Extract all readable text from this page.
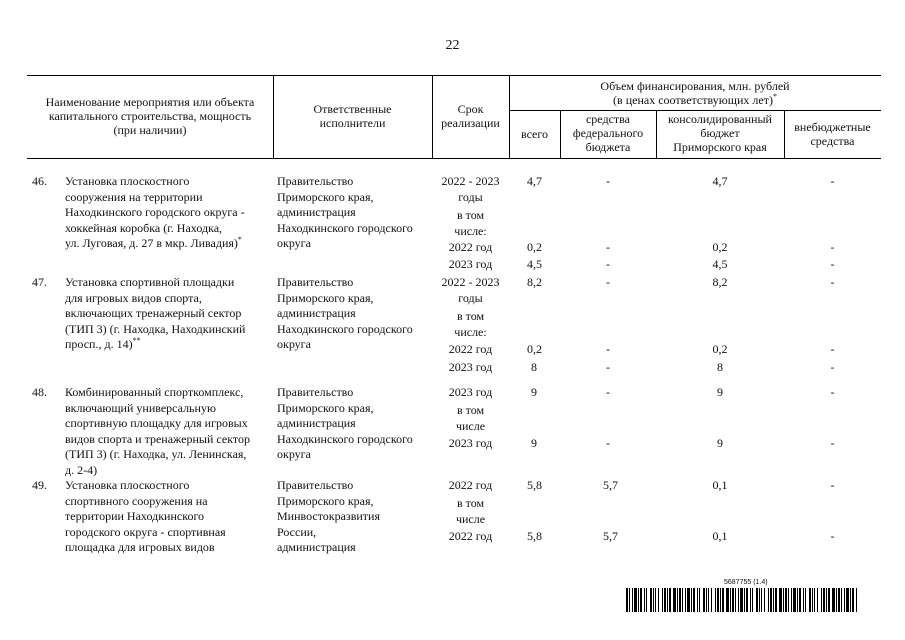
22
Наименование мероприятия или объекта
капитального строительства, мощность
(при наличии)
Ответственные
исполнители
Срок
реализации
Объем финансирования, млн. рублей
(в ценах соответствующих лет)*
всего
средства
федерального
бюджета
консолидированный
бюджет
Приморского края
внебюджетные
средства
46. Установка плоскостного
сооружения на территории
Находкинского городского округа -
хоккейная коробка (г. Находка,
ул. Луговая, д. 27 в мкр. Ливадия)*
Правительство
Приморского края,
администрация
Находкинского городского
округа
2022 - 2023
годы
в том
числе:
2022 год
2023 год
4,7
0,2
4,5
-
-
-
4,7
0,2
4,5
-
-
-
47. Установка спортивной площадки
для игровых видов спорта,
включающих тренажерный сектор
(ТИП 3) (г. Находка, Находкинский
просп., д. 14)**
Правительство
Приморского края,
администрация
Находкинского городского
округа
2022 - 2023
годы
в том
числе:
2022 год
2023 год
8,2
0,2
8
-
-
-
8,2
0,2
8
-
-
-
48. Комбинированный спорткомплекс,
включающий универсальную
спортивную площадку для игровых
видов спорта и тренажерный сектор
(ТИП 3) (г. Находка, ул. Ленинская,
д. 2-4)
Правительство
Приморского края,
администрация
Находкинского городского
округа
2023 год
в том
числе
2023 год
9
9
-
-
9
9
-
-
49. Установка плоскостного
спортивного сооружения на
территории Находкинского
городского округа - спортивная
площадка для игровых видов
Правительство
Приморского края,
Минвостокразвития
России,
администрация
2022 год
в том
числе
2022 год
5,8
5,8
5,7
5,7
0,1
0,1
-
-
5687755 (1.4)
